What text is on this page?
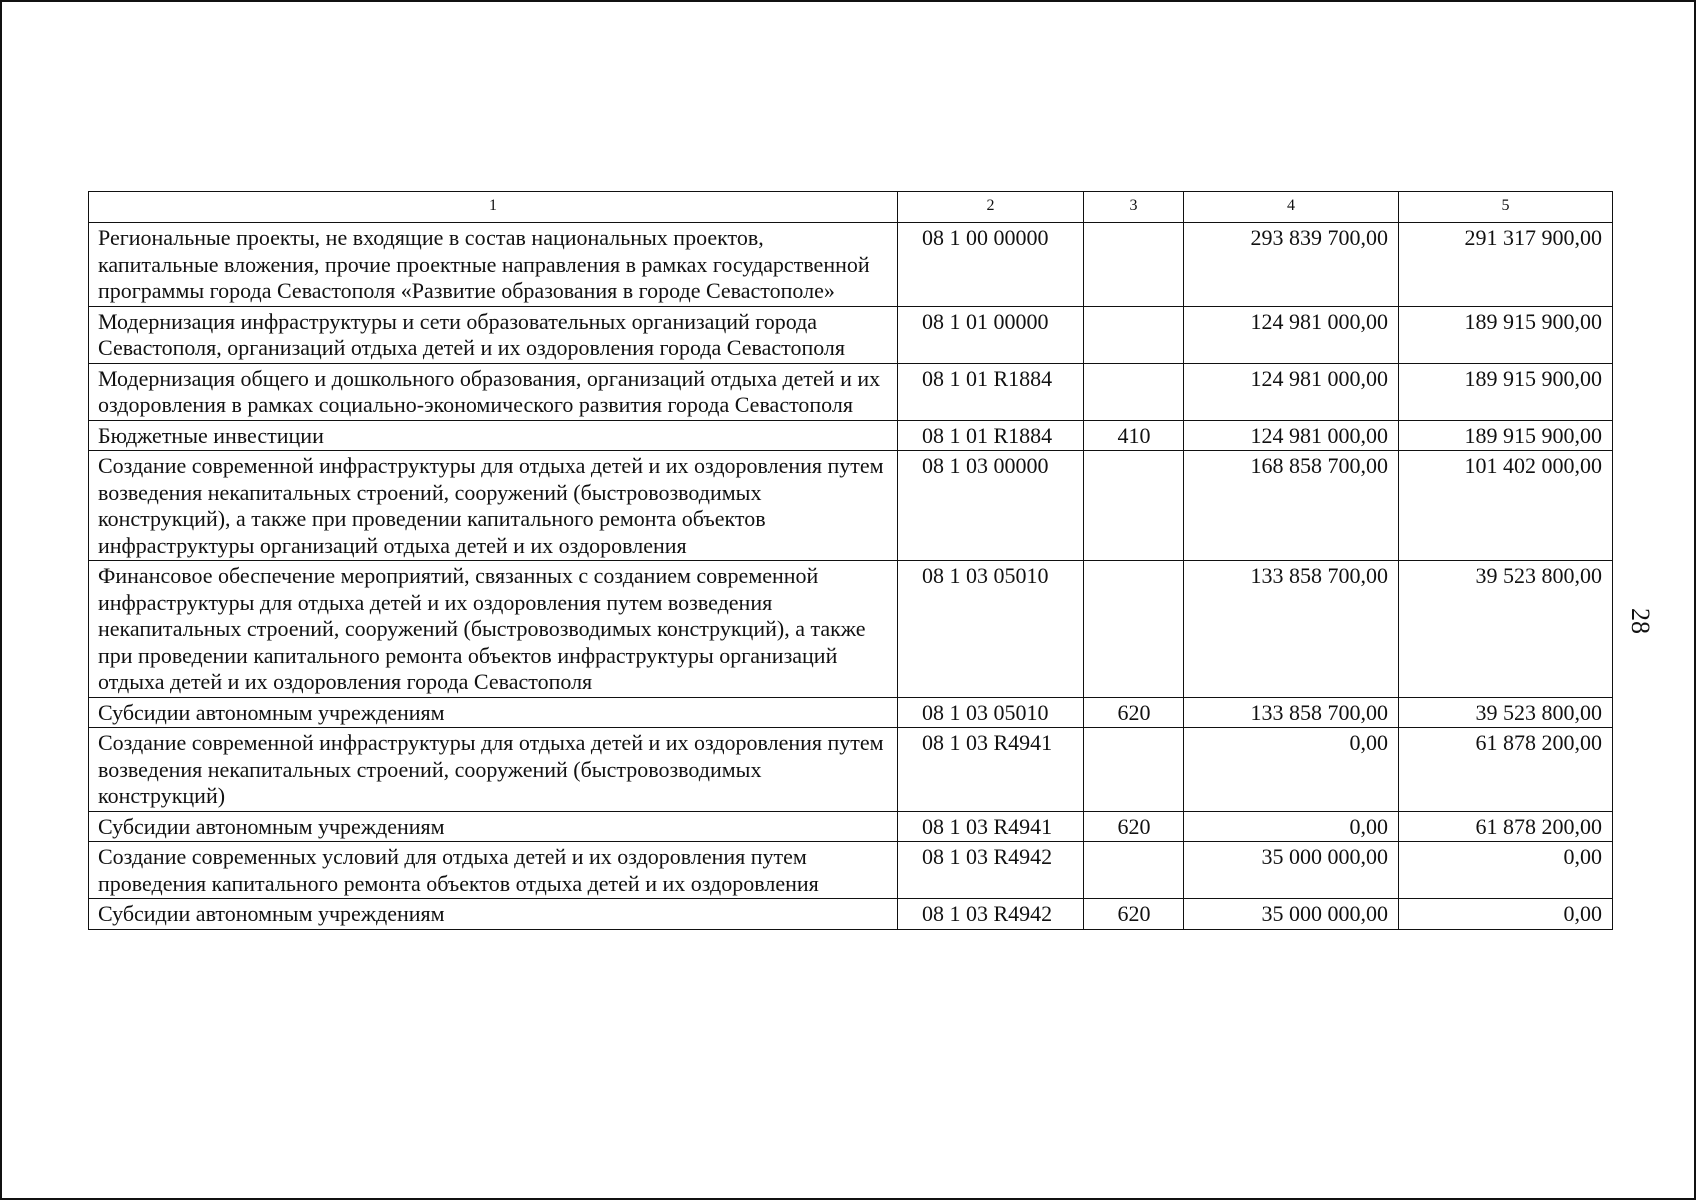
1	2	3	4	5
Региональные проекты, не входящие в состав национальных проектов, капитальные вложения, прочие проектные направления в рамках государственной программы города Севастополя «Развитие образования в городе Севастополе»	08 1 00 00000		293 839 700,00	291 317 900,00
Модернизация инфраструктуры и сети образовательных организаций города Севастополя, организаций отдыха детей и их оздоровления города Севастополя	08 1 01 00000		124 981 000,00	189 915 900,00
Модернизация общего и дошкольного образования, организаций отдыха детей и их оздоровления в рамках социально-экономического развития города Севастополя	08 1 01 R1884		124 981 000,00	189 915 900,00
Бюджетные инвестиции	08 1 01 R1884	410	124 981 000,00	189 915 900,00
Создание современной инфраструктуры для отдыха детей и их оздоровления путем возведения некапитальных строений, сооружений (быстровозводимых конструкций), а также при проведении капитального ремонта объектов инфраструктуры организаций отдыха детей и их оздоровления	08 1 03 00000		168 858 700,00	101 402 000,00
Финансовое обеспечение мероприятий, связанных с созданием современной инфраструктуры для отдыха детей и их оздоровления путем возведения некапитальных строений, сооружений (быстровозводимых конструкций), а также при проведении капитального ремонта объектов инфраструктуры организаций отдыха детей и их оздоровления города Севастополя	08 1 03 05010		133 858 700,00	39 523 800,00
Субсидии автономным учреждениям	08 1 03 05010	620	133 858 700,00	39 523 800,00
Создание современной инфраструктуры для отдыха детей и их оздоровления путем возведения некапитальных строений, сооружений (быстровозводимых конструкций)	08 1 03 R4941		0,00	61 878 200,00
Субсидии автономным учреждениям	08 1 03 R4941	620	0,00	61 878 200,00
Создание современных условий для отдыха детей и их оздоровления путем проведения капитального ремонта объектов отдыха детей и их оздоровления	08 1 03 R4942		35 000 000,00	0,00
Субсидии автономным учреждениям	08 1 03 R4942	620	35 000 000,00	0,00
28
